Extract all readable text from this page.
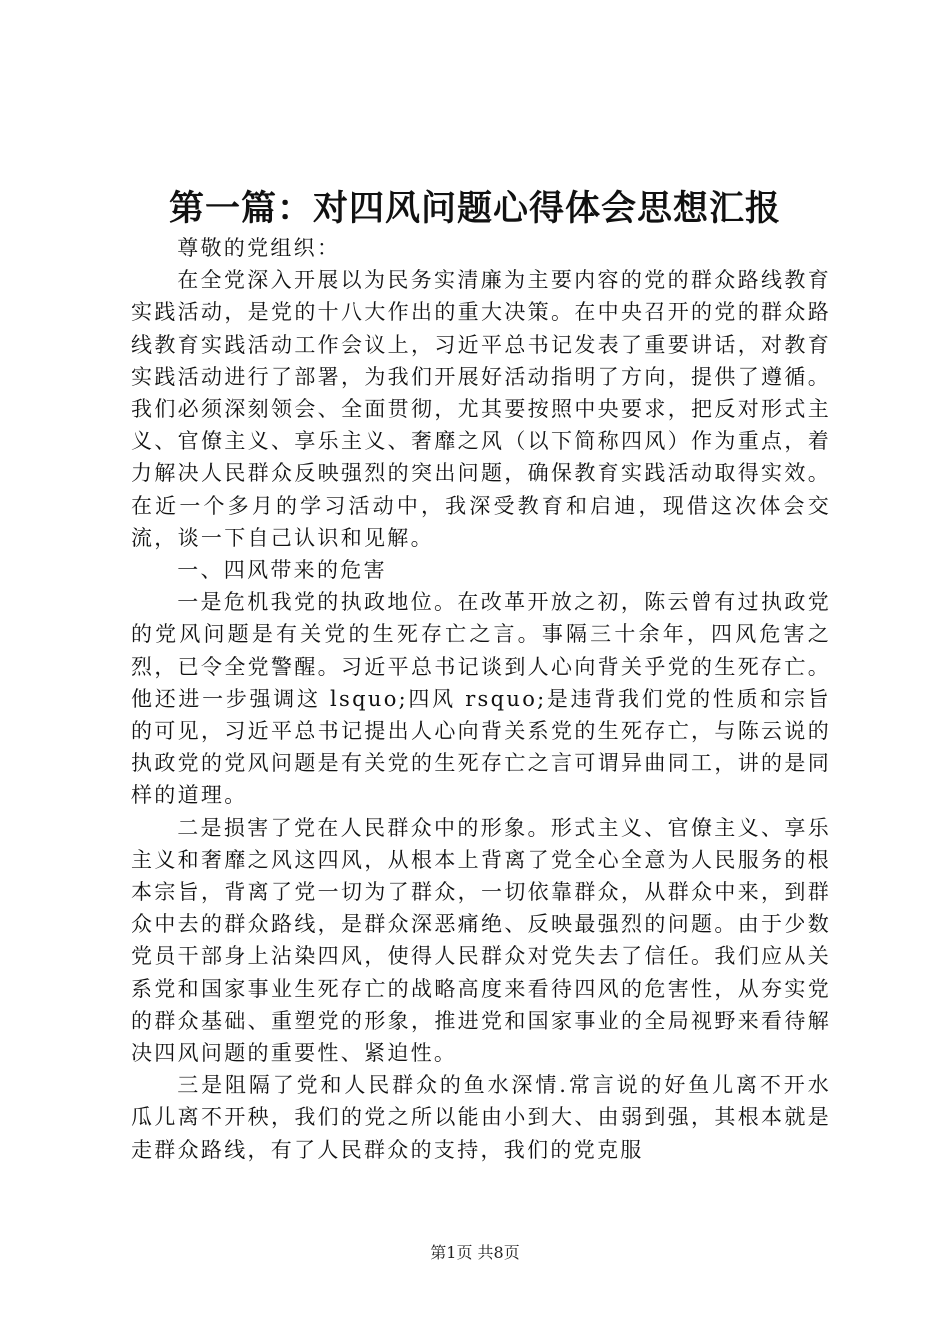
第一篇：对四风问题心得体会思想汇报

尊敬的党组织：

在全党深入开展以为民务实清廉为主要内容的党的群众路线教育实践活动，是党的十八大作出的重大决策。在中央召开的党的群众路线教育实践活动工作会议上，习近平总书记发表了重要讲话，对教育实践活动进行了部署，为我们开展好活动指明了方向，提供了遵循。我们必须深刻领会、全面贯彻，尤其要按照中央要求，把反对形式主义、官僚主义、享乐主义、奢靡之风（以下简称四风）作为重点，着力解决人民群众反映强烈的突出问题，确保教育实践活动取得实效。在近一个多月的学习活动中，我深受教育和启迪，现借这次体会交流，谈一下自己认识和见解。

一、四风带来的危害

一是危机我党的执政地位。在改革开放之初，陈云曾有过执政党的党风问题是有关党的生死存亡之言。事隔三十余年，四风危害之烈，已令全党警醒。习近平总书记谈到人心向背关乎党的生死存亡。他还进一步强调这 lsquo;四风 rsquo;是违背我们党的性质和宗旨的可见，习近平总书记提出人心向背关系党的生死存亡，与陈云说的执政党的党风问题是有关党的生死存亡之言可谓异曲同工，讲的是同样的道理。

二是损害了党在人民群众中的形象。形式主义、官僚主义、享乐主义和奢靡之风这四风，从根本上背离了党全心全意为人民服务的根本宗旨，背离了党一切为了群众，一切依靠群众，从群众中来，到群众中去的群众路线，是群众深恶痛绝、反映最强烈的问题。由于少数党员干部身上沾染四风，使得人民群众对党失去了信任。我们应从关系党和国家事业生死存亡的战略高度来看待四风的危害性，从夯实党的群众基础、重塑党的形象，推进党和国家事业的全局视野来看待解决四风问题的重要性、紧迫性。

三是阻隔了党和人民群众的鱼水深情.常言说的好鱼儿离不开水瓜儿离不开秧，我们的党之所以能由小到大、由弱到强，其根本就是走群众路线，有了人民群众的支持，我们的党克服

第1页 共8页
